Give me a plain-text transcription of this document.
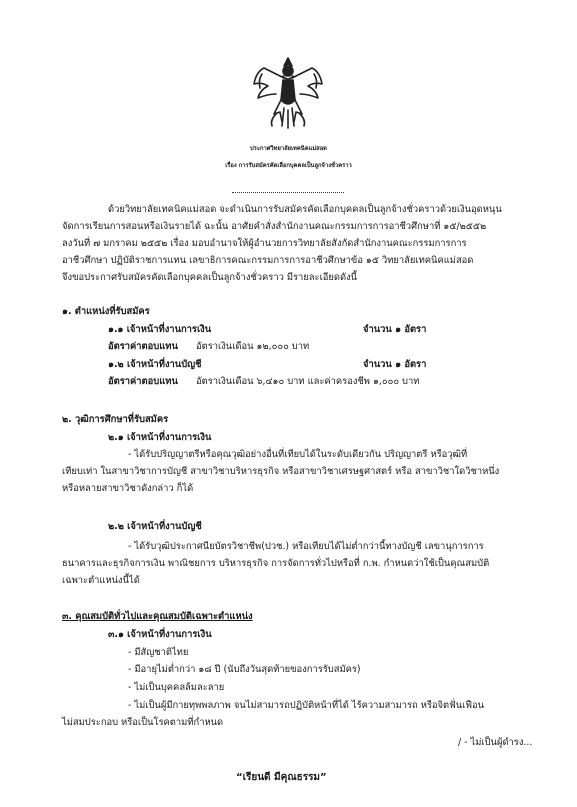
ประกาศวิทยาลัยเทคนิคแม่สอด
เรื่อง การรับสมัครคัดเลือกบุคคลเป็นลูกจ้างชั่วคราว
ด้วยวิทยาลัยเทคนิคแม่สอด จะดำเนินการรับสมัครคัดเลือกบุคคลเป็นลูกจ้างชั่วคราวด้วยเงินอุดหนุน
จัดการเรียนการสอนหรือเงินรายได้ ฉะนั้น อาศัยคำสั่งสำนักงานคณะกรรมการการอาชีวศึกษาที่ ๑๕/๒๕๕๒
ลงวันที่ ๗ มกราคม ๒๕๕๒ เรื่อง มอบอำนาจให้ผู้อำนวยการวิทยาลัยสังกัดสำนักงานคณะกรรมการการ
อาชีวศึกษา ปฏิบัติราชการแทน เลขาธิการคณะกรรมการการอาชีวศึกษาข้อ ๑๕ วิทยาลัยเทคนิคแม่สอด
จึงขอประกาศรับสมัครคัดเลือกบุคคลเป็นลูกจ้างชั่วคราว มีรายละเอียดดังนี้
๑. ตำแหน่งที่รับสมัคร
๑.๑ เจ้าหน้าที่งานการเงิน	จำนวน ๑ อัตรา
อัตราค่าตอบแทน อัตราเงินเดือน ๑๒,๐๐๐ บาท
๑.๒ เจ้าหน้าที่งานบัญชี	จำนวน ๑ อัตรา
อัตราค่าตอบแทน อัตราเงินเดือน ๖,๔๑๐ บาท และค่าครองชีพ ๑,๐๐๐ บาท
๒. วุฒิการศึกษาที่รับสมัคร
๒.๑ เจ้าหน้าที่งานการเงิน
- ได้รับปริญญาตรีหรือคุณวุฒิอย่างอื่นที่เทียบได้ในระดับเดียวกัน ปริญญาตรี หรือวุฒิที่
เทียบเท่า ในสาขาวิชาการบัญชี สาขาวิชาบริหารธุรกิจ หรือสาขาวิชาเศรษฐศาสตร์ หรือ สาขาวิชาใดวิชาหนึ่ง
หรือหลายสาขาวิชาดังกล่าว ก็ได้
๒.๒ เจ้าหน้าที่งานบัญชี
- ได้รับวุฒิประกาศนียบัตรวิชาชีพ(ปวช.) หรือเทียบได้ไม่ต่ำกว่านี้ทางบัญชี เลขานุการการ
ธนาคารและธุรกิจการเงิน พาณิชยการ บริหารธุรกิจ การจัดการทั่วไปหรือที่ ก.พ. กำหนดว่าใช้เป็นคุณสมบัติ
เฉพาะตำแหน่งนี้ได้
๓. คุณสมบัติทั่วไปและคุณสมบัติเฉพาะตำแหน่ง
๓.๑ เจ้าหน้าที่งานการเงิน
- มีสัญชาติไทย
- มีอายุไม่ต่ำกว่า ๑๘ ปี (นับถึงวันสุดท้ายของการรับสมัคร)
- ไม่เป็นบุคคลล้มละลาย
- ไม่เป็นผู้มีกายทุพพลภาพ จนไม่สามารถปฏิบัติหน้าที่ได้ ไร้ความสามารถ หรือจิตฟั่นเฟือน
ไม่สมประกอบ หรือเป็นโรคตามที่กำหนด
/ - ไม่เป็นผู้ดำรง...
“เรียนดี มีคุณธรรม”
